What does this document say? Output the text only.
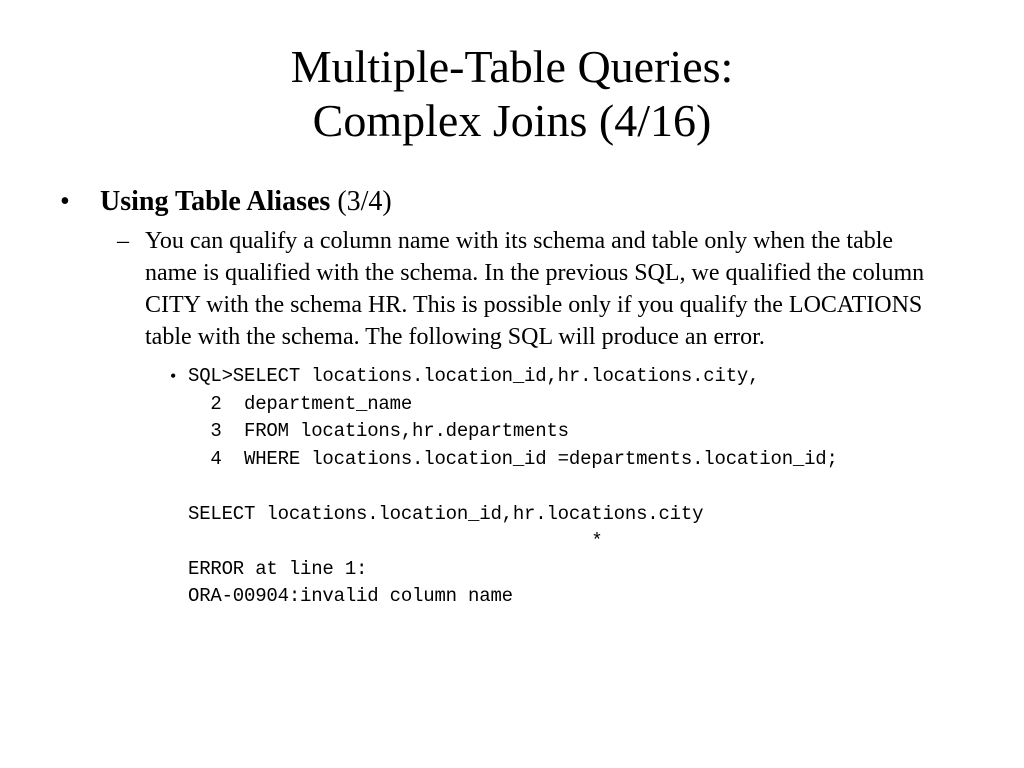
Multiple-Table Queries:
Complex Joins (4/16)
• Using Table Aliases (3/4)
– You can qualify a column name with its schema and table only when the table name is qualified with the schema. In the previous SQL, we qualified the column CITY with the schema HR. This is possible only if you qualify the LOCATIONS table with the schema. The following SQL will produce an error.
• SQL>SELECT locations.location_id,hr.locations.city,
2  department_name
3  FROM locations,hr.departments
4  WHERE locations.location_id =departments.location_id;

SELECT locations.location_id,hr.locations.city
*
ERROR at line 1:
ORA-00904:invalid column name
